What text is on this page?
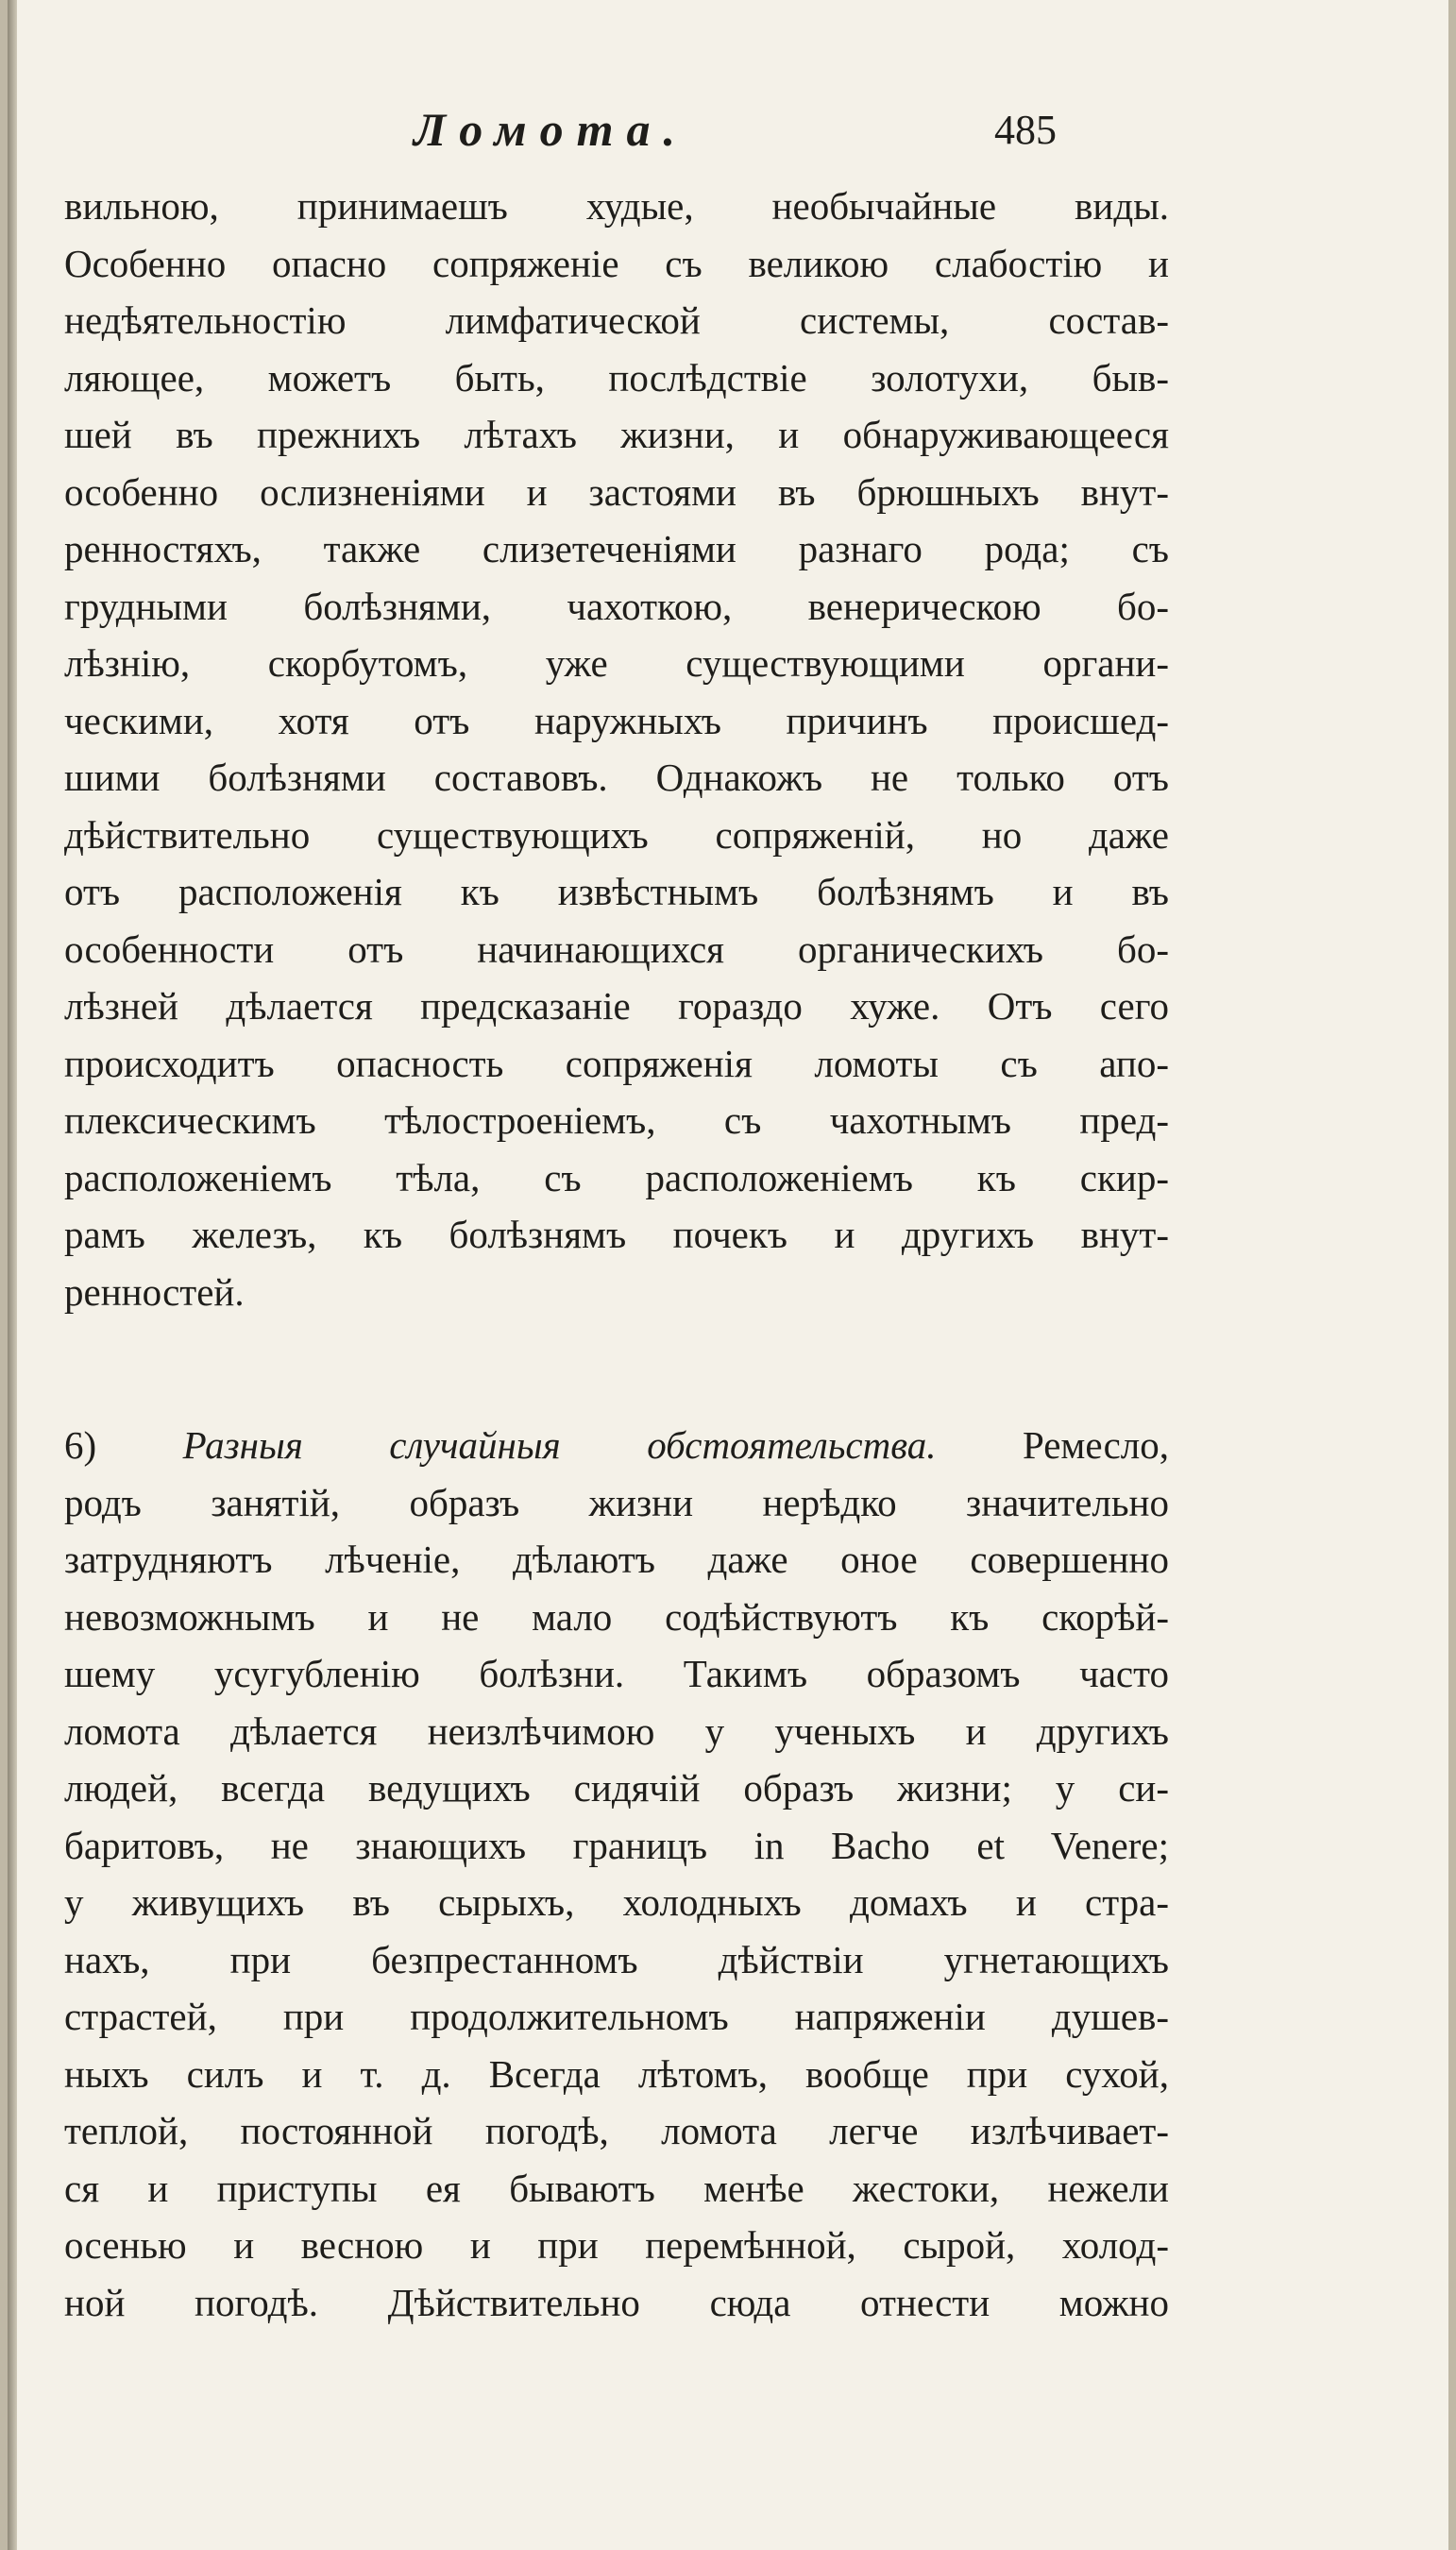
Ломота.	485
вильною, принимаешъ худые, необычайные виды.
Особенно опасно сопряженіе съ великою слабостію и
недѣятельностію лимфатической системы, состав-
ляющее, можетъ быть, послѣдствіе золотухи, быв-
шей въ прежнихъ лѣтахъ жизни, и обнаруживающееся
особенно ослизненіями и застоями въ брюшныхъ внут-
ренностяхъ, также слизетеченіями разнаго рода; съ
грудными болѣзнями, чахоткою, венерическою бо-
лѣзнію, скорбутомъ, уже существующими органи-
ческими, хотя отъ наружныхъ причинъ происшед-
шими болѣзнями составовъ. Однакожъ не только отъ
дѣйствительно существующихъ сопряженій, но даже
отъ расположенія къ извѣстнымъ болѣзнямъ и въ
особенности отъ начинающихся органическихъ бо-
лѣзней дѣлается предсказаніе гораздо хуже. Отъ сего
происходитъ опасность сопряженія ломоты съ апо-
плексическимъ тѣлостроеніемъ, съ чахотнымъ пред-
расположеніемъ тѣла, съ расположеніемъ къ скир-
рамъ железъ, къ болѣзнямъ почекъ и другихъ внут-
ренностей.
6) Разныя случайныя обстоятельства. Ремесло,
родъ занятій, образъ жизни нерѣдко значительно
затрудняютъ лѣченіе, дѣлаютъ даже оное совершенно
невозможнымъ и не мало содѣйствуютъ къ скорѣй-
шему усугубленію болѣзни. Такимъ образомъ часто
ломота дѣлается неизлѣчимою у ученыхъ и другихъ
людей, всегда ведущихъ сидячій образъ жизни; у си-
баритовъ, не знающихъ границъ in Bacho et Venere;
у живущихъ въ сырыхъ, холодныхъ домахъ и стра-
нахъ, при безпрестанномъ дѣйствіи угнетающихъ
страстей, при продолжительномъ напряженіи душев-
ныхъ силъ и т. д. Всегда лѣтомъ, вообще при сухой,
теплой, постоянной погодѣ, ломота легче излѣчивает-
ся и приступы ея бываютъ менѣе жестоки, нежели
осенью и весною и при перемѣнной, сырой, холод-
ной погодѣ. Дѣйствительно сюда отнести можно
